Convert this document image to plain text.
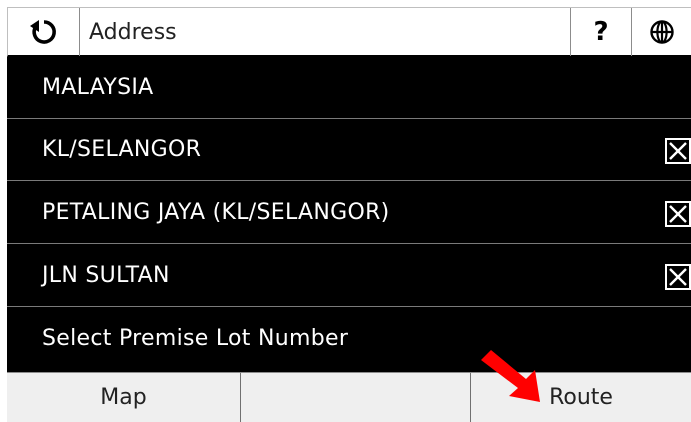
Address	?
MALAYSIA
KL/SELANGOR
PETALING JAYA (KL/SELANGOR)
JLN SULTAN
Select Premise Lot Number
Map	Route
